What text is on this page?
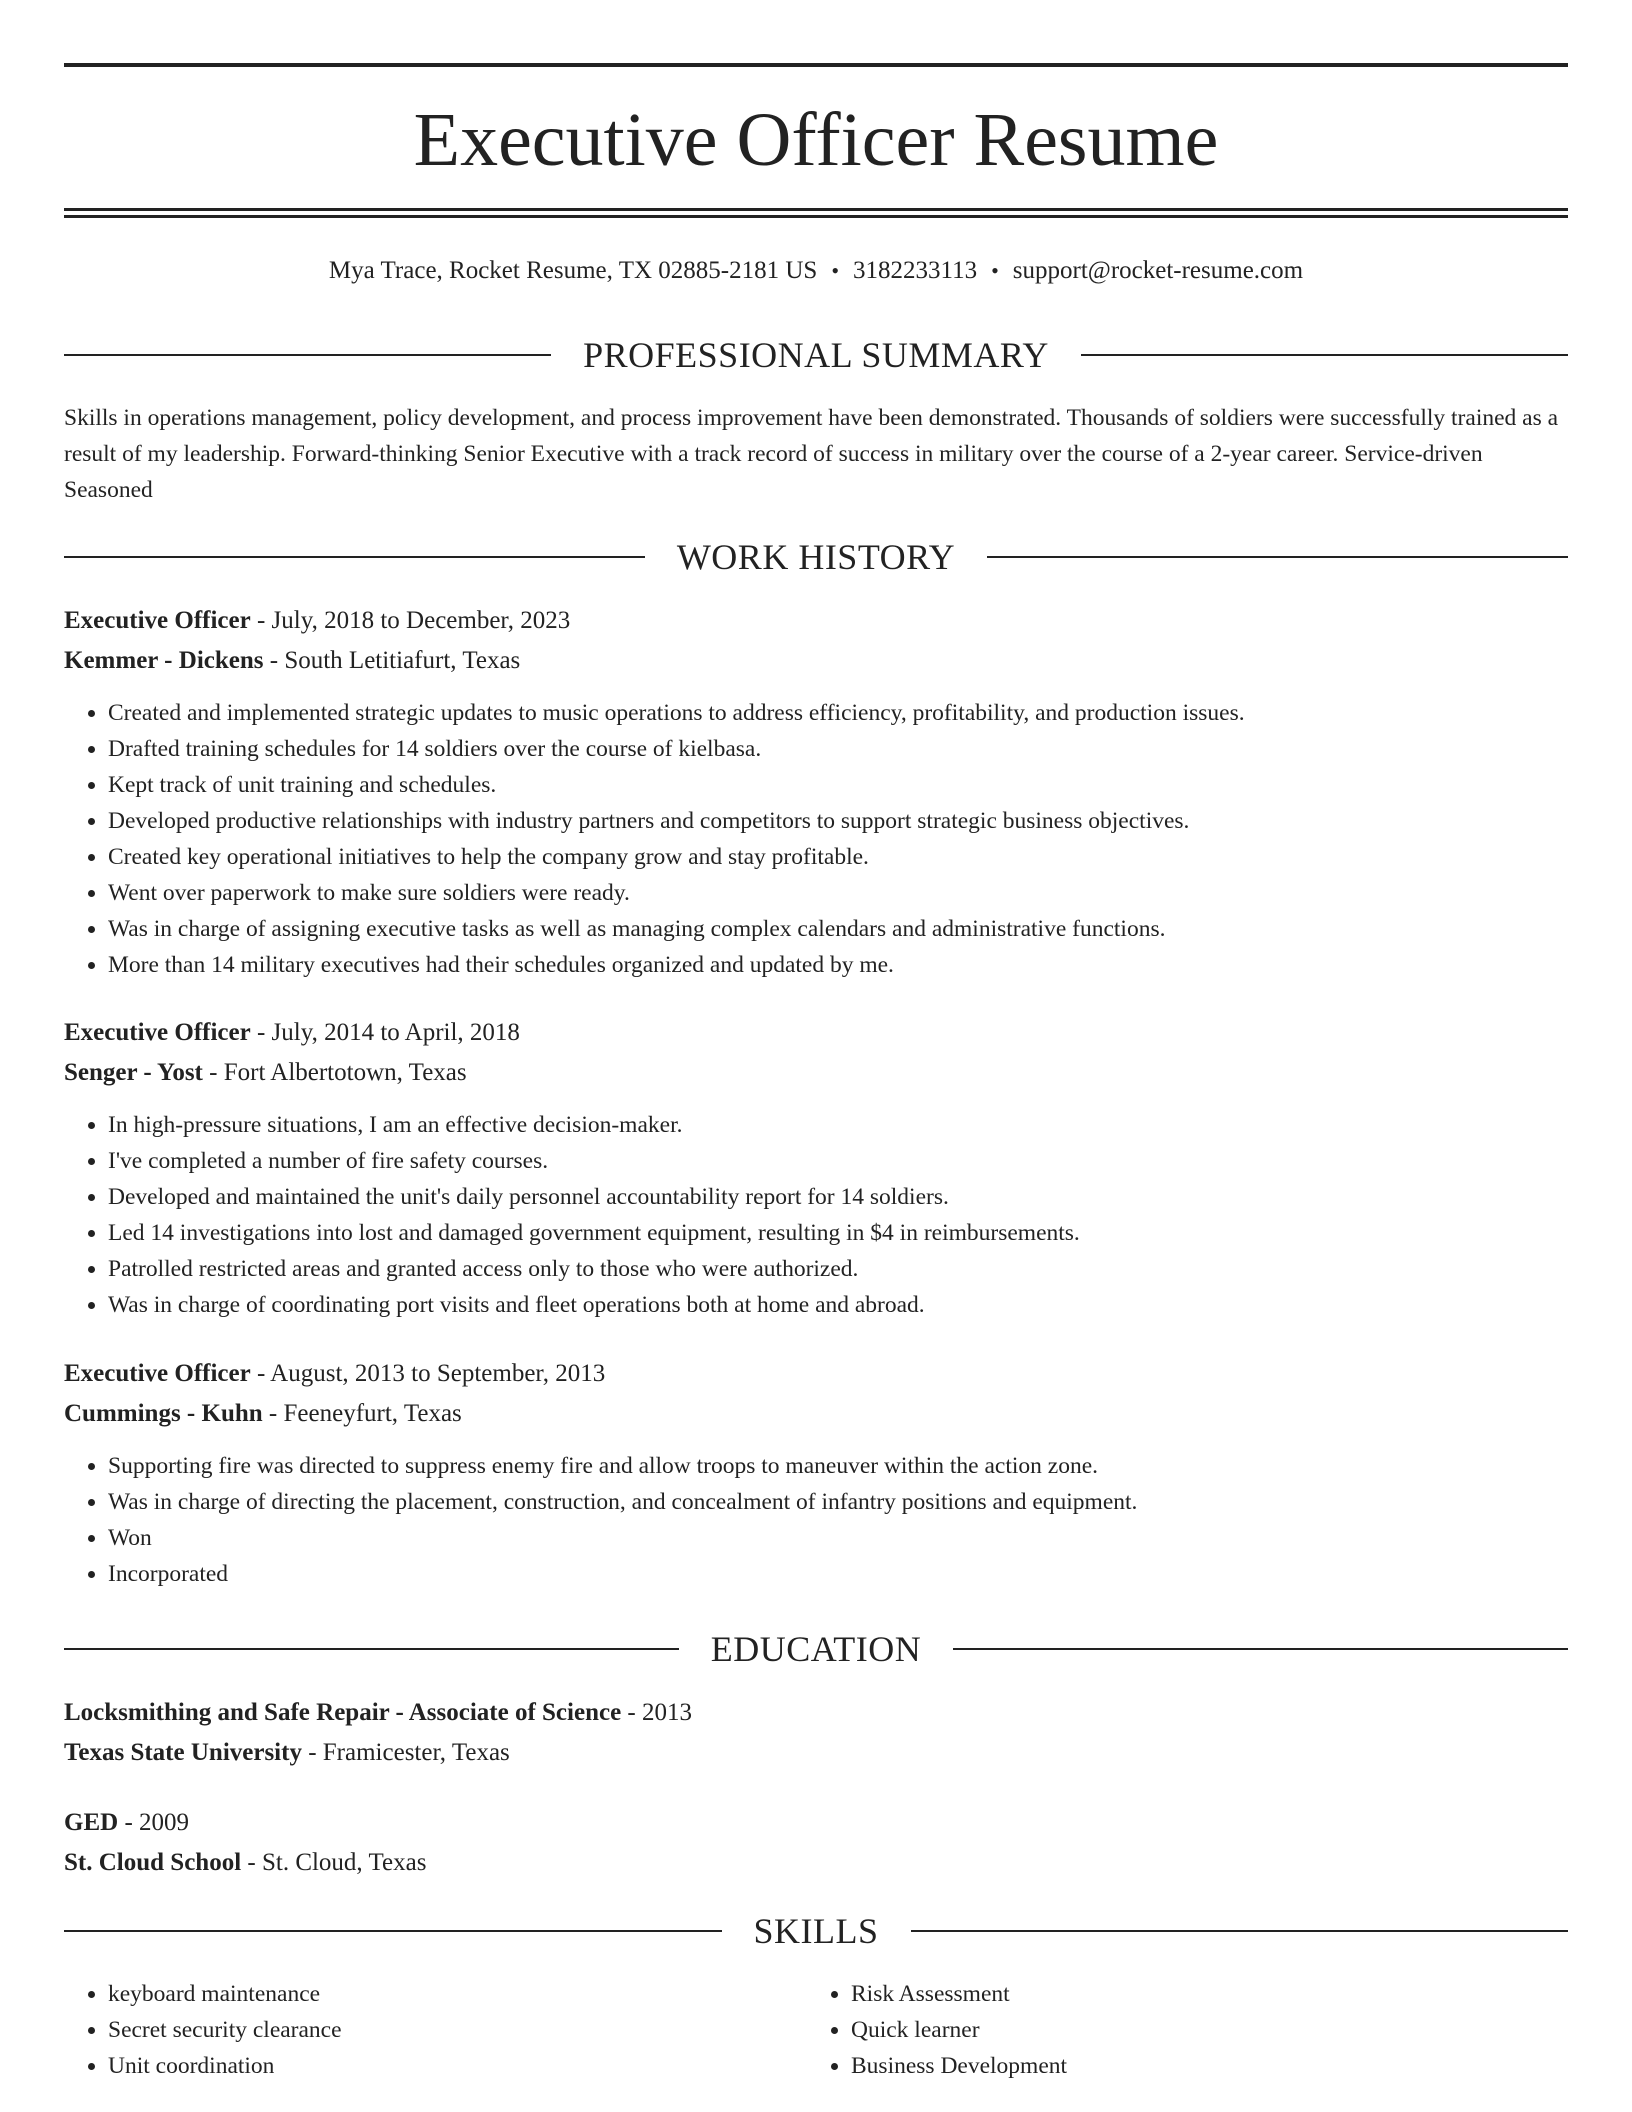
Executive Officer Resume
Mya Trace, Rocket Resume, TX 02885-2181 US • 3182233113 • support@rocket-resume.com
PROFESSIONAL SUMMARY

Skills in operations management, policy development, and process improvement have been demonstrated. Thousands of soldiers were successfully trained as a result of my leadership. Forward-thinking Senior Executive with a track record of success in military over the course of a 2-year career. Service-driven Seasoned

WORK HISTORY
Executive Officer - July, 2018 to December, 2023
Kemmer - Dickens - South Letitiafurt, Texas
• Created and implemented strategic updates to music operations to address efficiency, profitability, and production issues.
• Drafted training schedules for 14 soldiers over the course of kielbasa.
• Kept track of unit training and schedules.
• Developed productive relationships with industry partners and competitors to support strategic business objectives.
• Created key operational initiatives to help the company grow and stay profitable.
• Went over paperwork to make sure soldiers were ready.
• Was in charge of assigning executive tasks as well as managing complex calendars and administrative functions.
• More than 14 military executives had their schedules organized and updated by me.
Executive Officer - July, 2014 to April, 2018
Senger - Yost - Fort Albertotown, Texas
• In high-pressure situations, I am an effective decision-maker.
• I've completed a number of fire safety courses.
• Developed and maintained the unit's daily personnel accountability report for 14 soldiers.
• Led 14 investigations into lost and damaged government equipment, resulting in $4 in reimbursements.
• Patrolled restricted areas and granted access only to those who were authorized.
• Was in charge of coordinating port visits and fleet operations both at home and abroad.
Executive Officer - August, 2013 to September, 2013
Cummings - Kuhn - Feeneyfurt, Texas
• Supporting fire was directed to suppress enemy fire and allow troops to maneuver within the action zone.
• Was in charge of directing the placement, construction, and concealment of infantry positions and equipment.
• Won
• Incorporated
EDUCATION
Locksmithing and Safe Repair - Associate of Science - 2013
Texas State University - Framicester, Texas
GED - 2009
St. Cloud School - St. Cloud, Texas
SKILLS
• keyboard maintenance
• Secret security clearance
• Unit coordination
• Risk Assessment
• Quick learner
• Business Development
